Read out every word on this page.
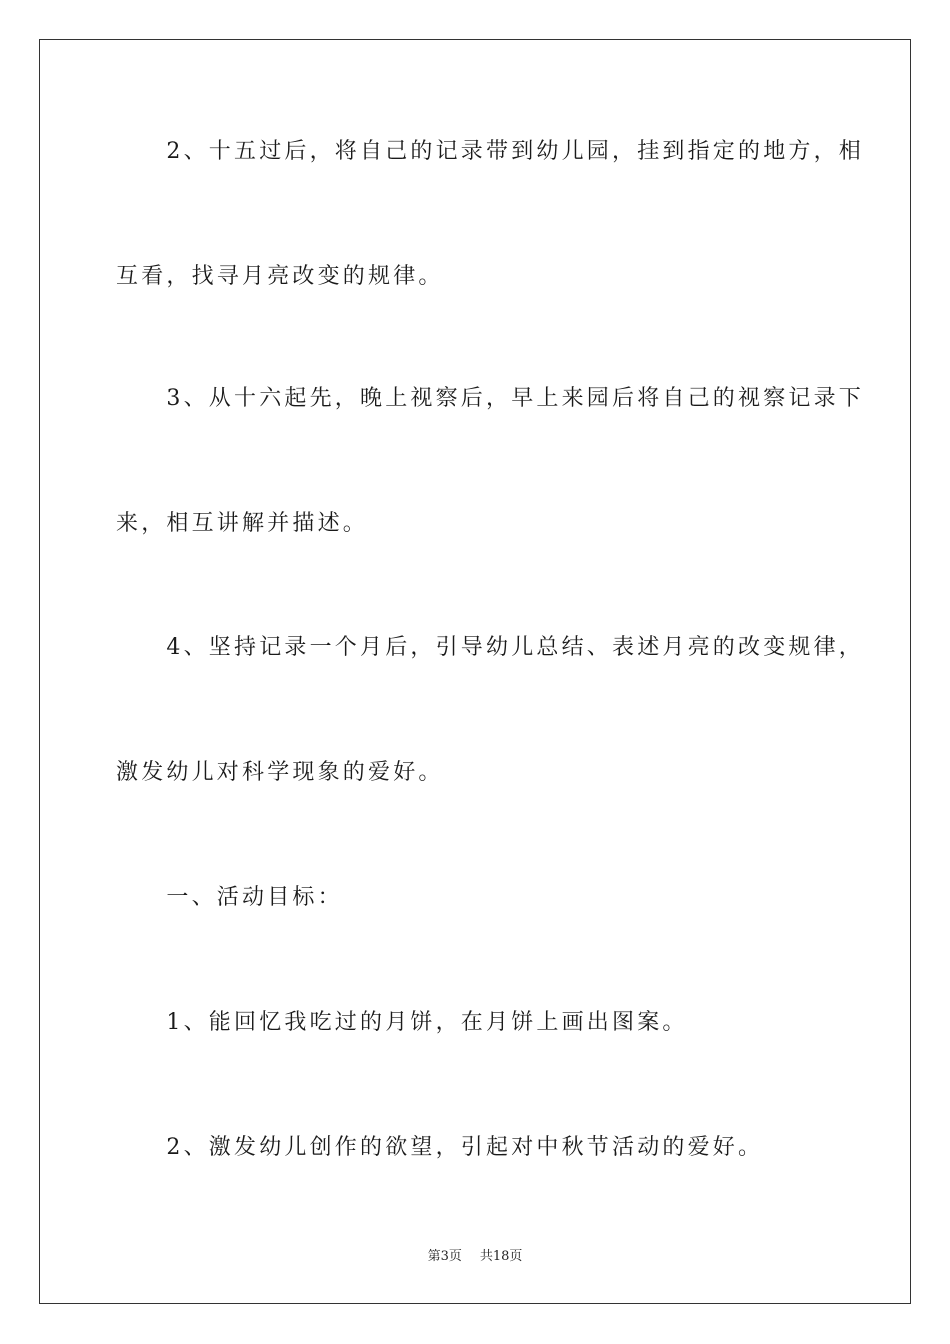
　　2、十五过后，将自己的记录带到幼儿园，挂到指定的地方，相
互看，找寻月亮改变的规律。
　　3、从十六起先，晚上视察后，早上来园后将自己的视察记录下
来，相互讲解并描述。
　　4、坚持记录一个月后，引导幼儿总结、表述月亮的改变规律，
激发幼儿对科学现象的爱好。
　　一、活动目标：
　　1、能回忆我吃过的月饼，在月饼上画出图案。
　　2、激发幼儿创作的欲望，引起对中秋节活动的爱好。
第3页 共18页
